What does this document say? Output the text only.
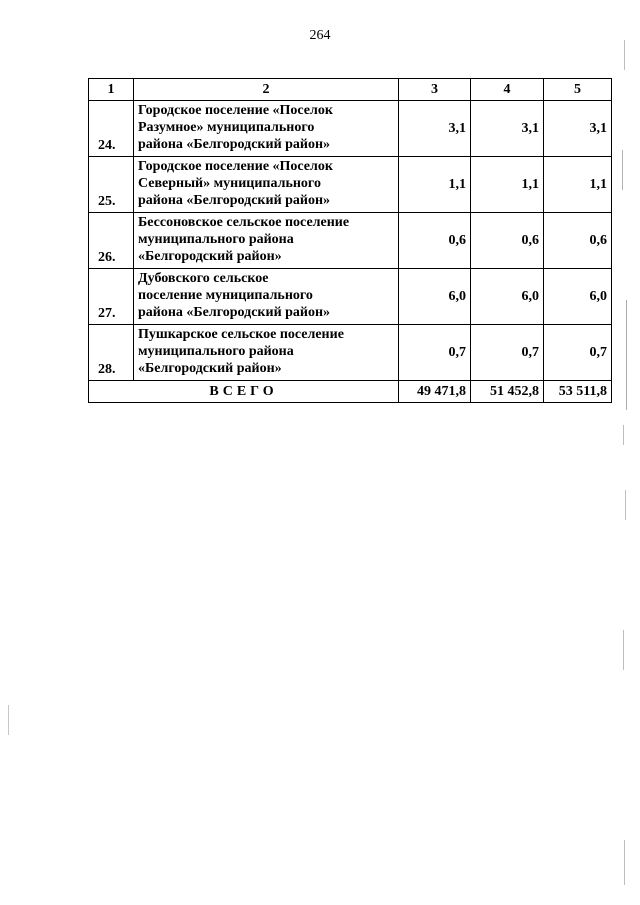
264
1	2	3	4	5
24.	Городское поселение «Поселок
Разумное» муниципального
района «Белгородский район»	3,1	3,1	3,1
25.	Городское поселение «Поселок
Северный» муниципального
района «Белгородский район»	1,1	1,1	1,1
26.	Бессоновское сельское поселение
муниципального района
«Белгородский район»	0,6	0,6	0,6
27.	Дубовского сельское
поселение муниципального
района «Белгородский район»	6,0	6,0	6,0
28.	Пушкарское сельское поселение
муниципального района
«Белгородский район»	0,7	0,7	0,7
ВСЕГО		49 471,8	51 452,8	53 511,8
